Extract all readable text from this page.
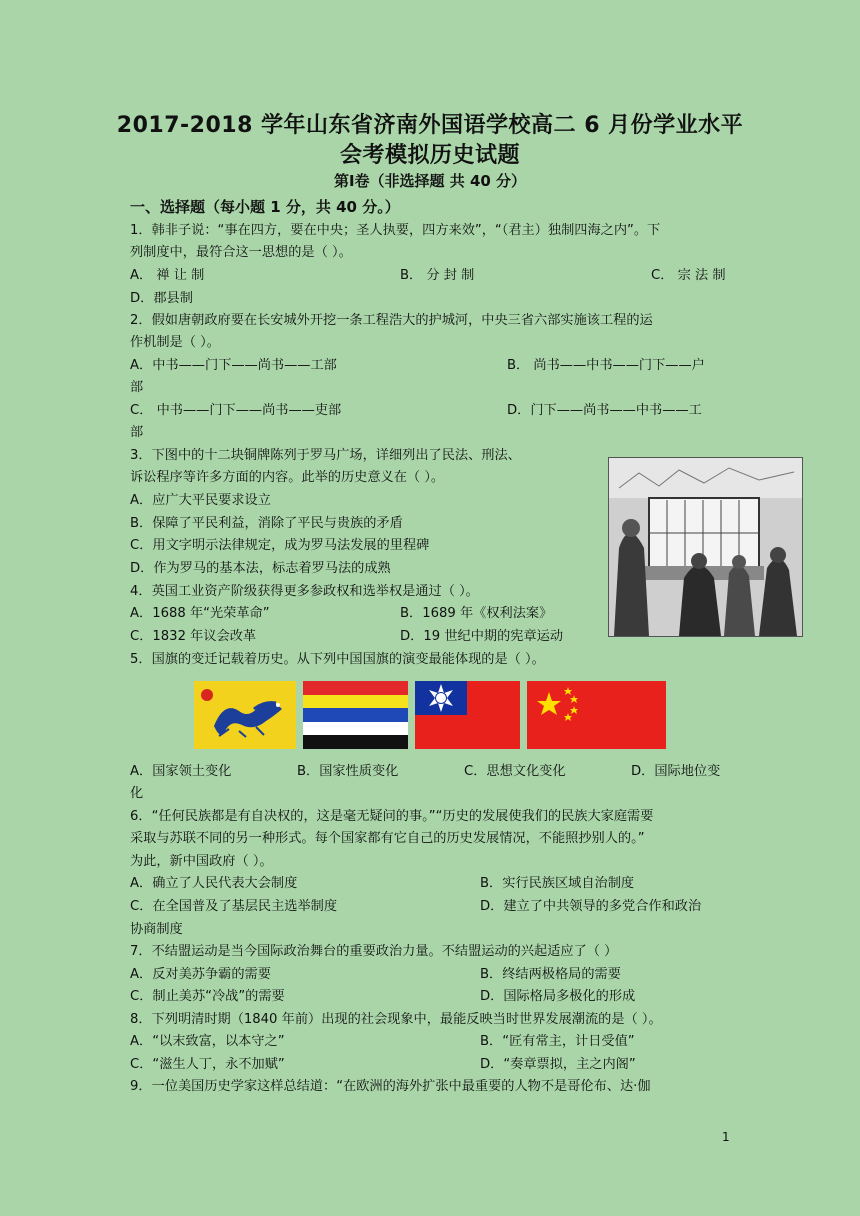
2017-2018 学年山东省济南外国语学校高二 6 月份学业水平
会考模拟历史试题
第Ⅰ卷（非选择题 共 40 分）
一、选择题（每小题 1 分，共 40 分。）
1．韩非子说：“事在四方，要在中央；圣人执要，四方来效”，“（君主）独制四海之内”。下
列制度中，最符合这一思想的是（ ）。
A． 禅 让 制	B． 分 封 制	C． 宗 法 制
D．郡县制
2．假如唐朝政府要在长安城外开挖一条工程浩大的护城河，中央三省六部实施该工程的运
作机制是（ ）。
A．中书——门下——尚书——工部	B． 尚书——中书——门下——户
部
C． 中书——门下——尚书——吏部	D．门下——尚书——中书——工
部
3．下图中的十二块铜牌陈列于罗马广场，详细列出了民法、刑法、
诉讼程序等许多方面的内容。此举的历史意义在（ ）。
A．应广大平民要求设立
B．保障了平民利益，消除了平民与贵族的矛盾
C．用文字明示法律规定，成为罗马法发展的里程碑
D．作为罗马的基本法，标志着罗马法的成熟
4．英国工业资产阶级获得更多参政权和选举权是通过（ ）。
A．1688 年“光荣革命”	B．1689 年《权利法案》
C．1832 年议会改革	D．19 世纪中期的宪章运动
5．国旗的变迁记载着历史。从下列中国国旗的演变最能体现的是（ ）。
A．国家领土变化	B．国家性质变化	C．思想文化变化	D．国际地位变
化
6．“任何民族都是有自决权的，这是毫无疑问的事。”“历史的发展使我们的民族大家庭需要
采取与苏联不同的另一种形式。每个国家都有它自己的历史发展情况，不能照抄别人的。”
为此，新中国政府（ ）。
A．确立了人民代表大会制度	B．实行民族区域自治制度
C．在全国普及了基层民主选举制度	D．建立了中共领导的多党合作和政治
协商制度
7．不结盟运动是当今国际政治舞台的重要政治力量。不结盟运动的兴起适应了（ ）
A．反对美苏争霸的需要	B．终结两极格局的需要
C．制止美苏“冷战”的需要	D．国际格局多极化的形成
8．下列明清时期（1840 年前）出现的社会现象中，最能反映当时世界发展潮流的是（ ）。
A．“以末致富，以本守之”	B．“匠有常主，计日受值”
C．“滋生人丁，永不加赋”	D．“奏章票拟，主之内阁”
9．一位美国历史学家这样总结道：“在欧洲的海外扩张中最重要的人物不是哥伦布、达·伽
1
